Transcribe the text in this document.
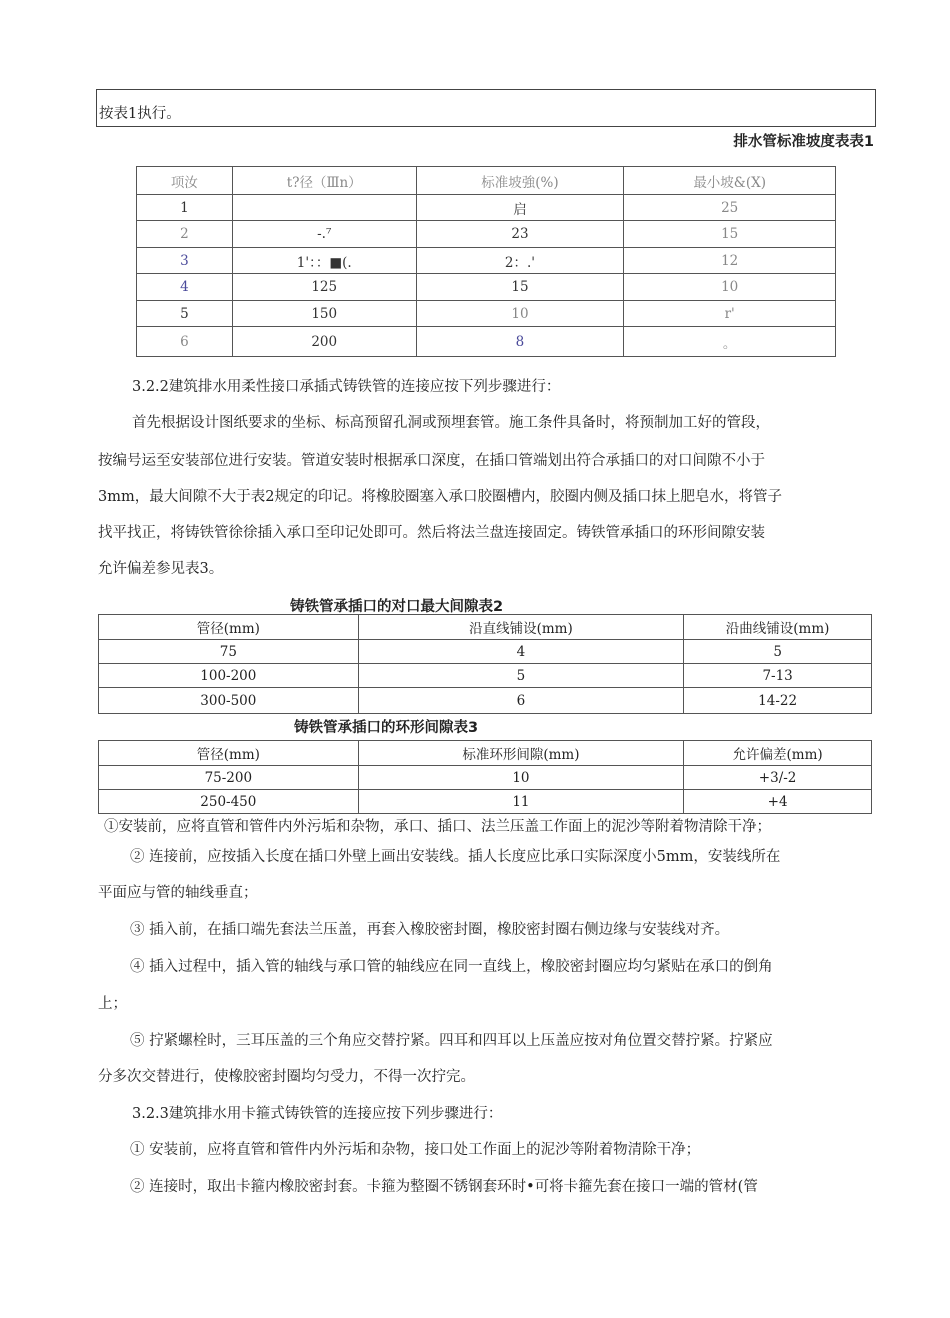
按表1执行。
排水管标准坡度表表1
项汝	t?径（Ⅲn）	标准坡強(%)	最小坡&(X)
1		启	25
2	-.⁷	23	15
3	1'：：■(.	2：.'	12
4	125	15	10
5	150	10	r'
6	200	8	。
3.2.2建筑排水用柔性接口承插式铸铁管的连接应按下列步骤进行：
首先根据设计图纸要求的坐标、标高预留孔洞或预埋套管。施工条件具备时，将预制加工好的管段，
按编号运至安装部位进行安装。管道安装时根据承口深度，在插口管端划出符合承插口的对口间隙不小于
3mm，最大间隙不大于表2规定的印记。将橡胶圈塞入承口胶圈槽内，胶圈内侧及插口抹上肥皂水，将管子
找平找正，将铸铁管徐徐插入承口至印记处即可。然后将法兰盘连接固定。铸铁管承插口的环形间隙安装
允许偏差参见表3。
铸铁管承插口的对口最大间隙表2
管径(mm)	沿直线铺设(mm)	沿曲线铺设(mm)
75	4	5
100-200	5	7-13
300-500	6	14-22
铸铁管承插口的环形间隙表3
管径(mm)	标准环形间隙(mm)	允许偏差(mm)
75-200	10	+3/-2
250-450	11	+4
①安装前，应将直管和管件内外污垢和杂物，承口、插口、法兰压盖工作面上的泥沙等附着物清除干净；
② 连接前，应按插入长度在插口外壁上画出安装线。插人长度应比承口实际深度小5mm，安装线所在
平面应与管的轴线垂直；
③ 插入前，在插口端先套法兰压盖，再套入橡胶密封圈，橡胶密封圈右侧边缘与安装线对齐。
④ 插入过程中，插入管的轴线与承口管的轴线应在同一直线上，橡胶密封圈应均匀紧贴在承口的倒角
上；
⑤ 拧紧螺栓时，三耳压盖的三个角应交替拧紧。四耳和四耳以上压盖应按对角位置交替拧紧。拧紧应
分多次交替进行，使橡胶密封圈均匀受力，不得一次拧完。
3.2.3建筑排水用卡箍式铸铁管的连接应按下列步骤进行：
① 安装前，应将直管和管件内外污垢和杂物，接口处工作面上的泥沙等附着物清除干净；
② 连接时，取出卡箍内橡胶密封套。卡箍为整圈不锈钢套环时•可将卡箍先套在接口一端的管材(管
